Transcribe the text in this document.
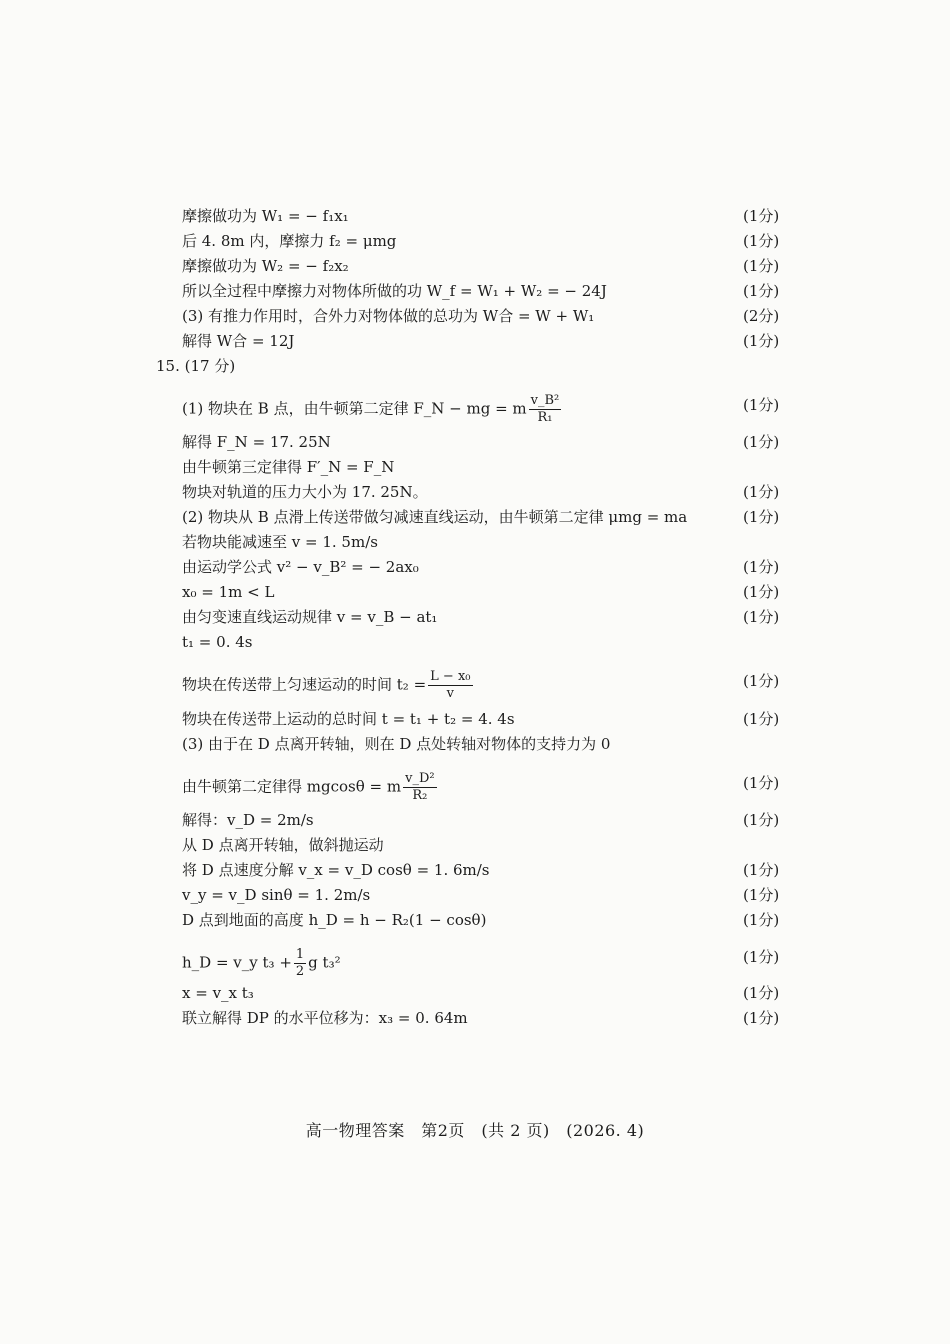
摩擦做功为 W₁ = − f₁x₁	(1分)
后 4. 8m 内，摩擦力 f₂ = μmg	(1分)
摩擦做功为 W₂ = − f₂x₂	(1分)
所以全过程中摩擦力对物体所做的功 W_f = W₁ + W₂ = − 24J	(1分)
(3) 有推力作用时，合外力对物体做的总功为 W合 = W + W₁	(2分)
解得 W合 = 12J	(1分)
15. (17 分)
(1) 物块在 B 点，由牛顿第二定律 F_N − mg = m $\frac{\text{v\_B²}}{\text{R₁}}$	(1分)
解得 F_N = 17. 25N	(1分)
由牛顿第三定律得 F′_N = F_N
物块对轨道的压力大小为 17. 25N。	(1分)
(2) 物块从 B 点滑上传送带做匀减速直线运动，由牛顿第二定律 μmg = ma	(1分)
若物块能减速至 v = 1. 5m/s
由运动学公式 v² − v_B² = − 2ax₀	(1分)
x₀ = 1m < L	(1分)
由匀变速直线运动规律 v = v_B − at₁	(1分)
t₁ = 0. 4s
物块在传送带上匀速运动的时间 $t_2 = \frac{\text{L − x₀}}{v}$	(1分)
物块在传送带上运动的总时间 t = t₁ + t₂ = 4. 4s	(1分)
(3) 由于在 D 点离开转轴，则在 D 点处转轴对物体的支持力为 0
由牛顿第二定律得 mgcosθ = m $\frac{\text{v\_D²}}{\text{R₂}}$	(1分)
解得：v_D = 2m/s	(1分)
从 D 点离开转轴，做斜抛运动
将 D 点速度分解 v_x = v_D cosθ = 1. 6m/s	(1分)
v_y = v_D sinθ = 1. 2m/s	(1分)
D 点到地面的高度 h_D = h − R₂(1 − cosθ)	(1分)
h_D = v_y $t_3 + \frac{1}{2}$ g t₃²	(1分)
x = v_x t₃	(1分)
联立解得 DP 的水平位移为：x₃ = 0. 64m	(1分)
高一物理答案　第2页　(共 2 页)　(2026. 4)
